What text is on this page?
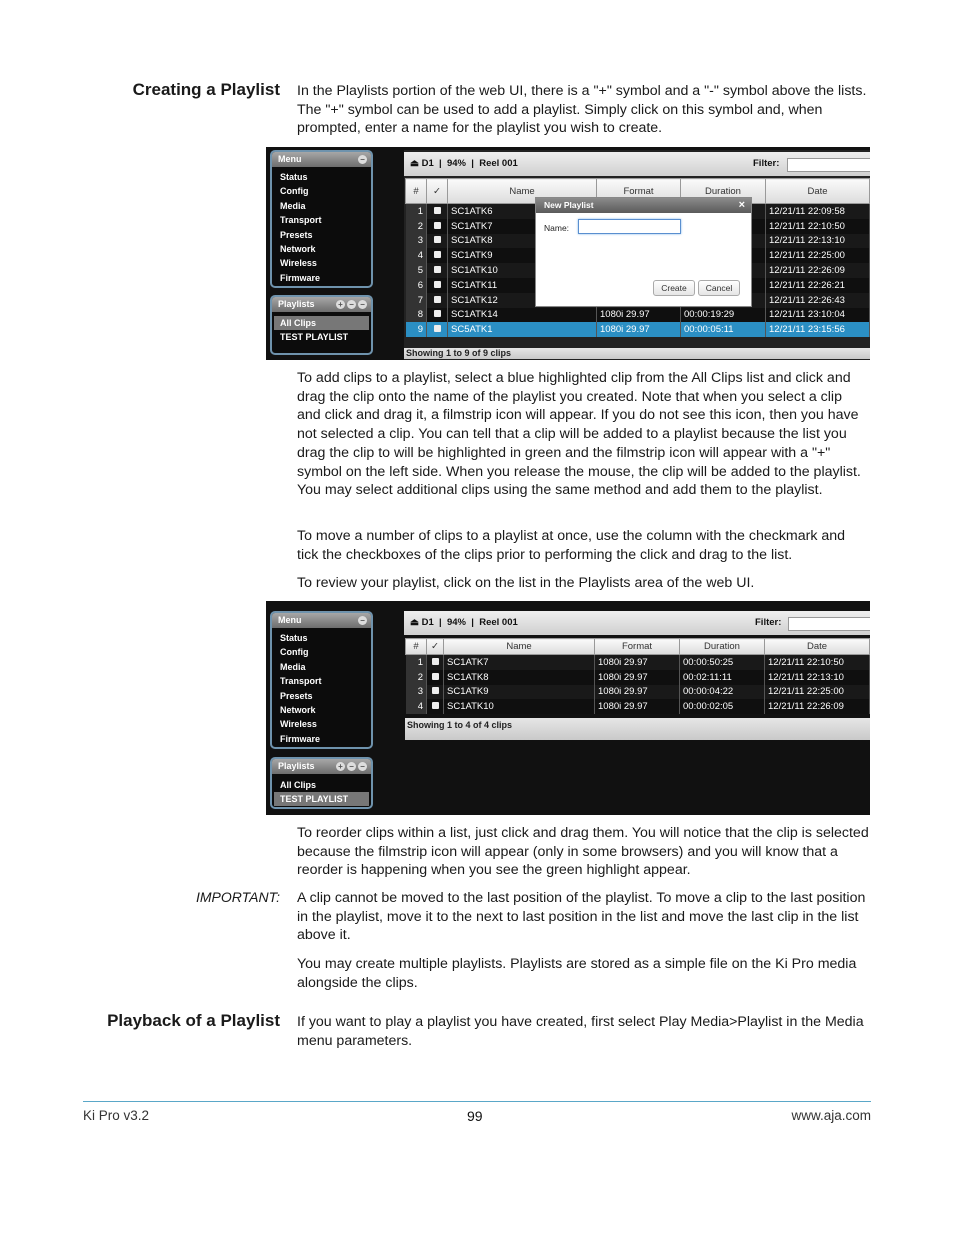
Creating a Playlist In the Playlists portion of the web UI, there is a "+" symbol and a "-" symbol above the lists. The "+" symbol can be used to add a playlist. Simply click on this symbol and, when prompted, enter a name for the playlist you wish to create.
Menu	−
Status
Config
Media
Transport
Presets
Network
Wireless
Firmware
Playlists	+ − −
All Clips
TEST PLAYLIST
⏏ D1  |  94%  |  Reel 001	Filter:
#	✓	Name	Format	Duration	Date
1		SC1ATK6			12/21/11 22:09:58
2		SC1ATK7			12/21/11 22:10:50
3		SC1ATK8			12/21/11 22:13:10
4		SC1ATK9			12/21/11 22:25:00
5		SC1ATK10			12/21/11 22:26:09
6		SC1ATK11			12/21/11 22:26:21
7		SC1ATK12			12/21/11 22:26:43
8		SC1ATK14	1080i 29.97	00:00:19:29	12/21/11 23:10:04
9		SC5ATK1	1080i 29.97	00:00:05:11	12/21/11 23:15:56
Showing 1 to 9 of 9 clips
New Playlist	×
Name:
Create	Cancel
To add clips to a playlist, select a blue highlighted clip from the All Clips list and click and drag the clip onto the name of the playlist you created. Note that when you select a clip and click and drag it, a filmstrip icon will appear. If you do not see this icon, then you have not selected a clip. You can tell that a clip will be added to a playlist because the list you drag the clip to will be highlighted in green and the filmstrip icon will appear with a "+" symbol on the left side. When you release the mouse, the clip will be added to the playlist. You may select additional clips using the same method and add them to the playlist.
To move a number of clips to a playlist at once, use the column with the checkmark and tick the checkboxes of the clips prior to performing the click and drag to the list.
To review your playlist, click on the list in the Playlists area of the web UI.
Menu	−
Status
Config
Media
Transport
Presets
Network
Wireless
Firmware
Playlists	+ − −
All Clips
TEST PLAYLIST
⏏ D1  |  94%  |  Reel 001	Filter:
#	✓	Name	Format	Duration	Date
1		SC1ATK7	1080i 29.97	00:00:50:25	12/21/11 22:10:50
2		SC1ATK8	1080i 29.97	00:02:11:11	12/21/11 22:13:10
3		SC1ATK9	1080i 29.97	00:00:04:22	12/21/11 22:25:00
4		SC1ATK10	1080i 29.97	00:00:02:05	12/21/11 22:26:09
Showing 1 to 4 of 4 clips
To reorder clips within a list, just click and drag them. You will notice that the clip is selected because the filmstrip icon will appear (only in some browsers) and you will know that a reorder is happening when you see the green highlight appear.
IMPORTANT: A clip cannot be moved to the last position of the playlist. To move a clip to the last position in the playlist, move it to the next to last position in the list and move the last clip in the list above it.
You may create multiple playlists. Playlists are stored as a simple file on the Ki Pro media alongside the clips.
Playback of a Playlist If you want to play a playlist you have created, first select Play Media>Playlist in the Media menu parameters.
Ki Pro v3.2	99	www.aja.com
